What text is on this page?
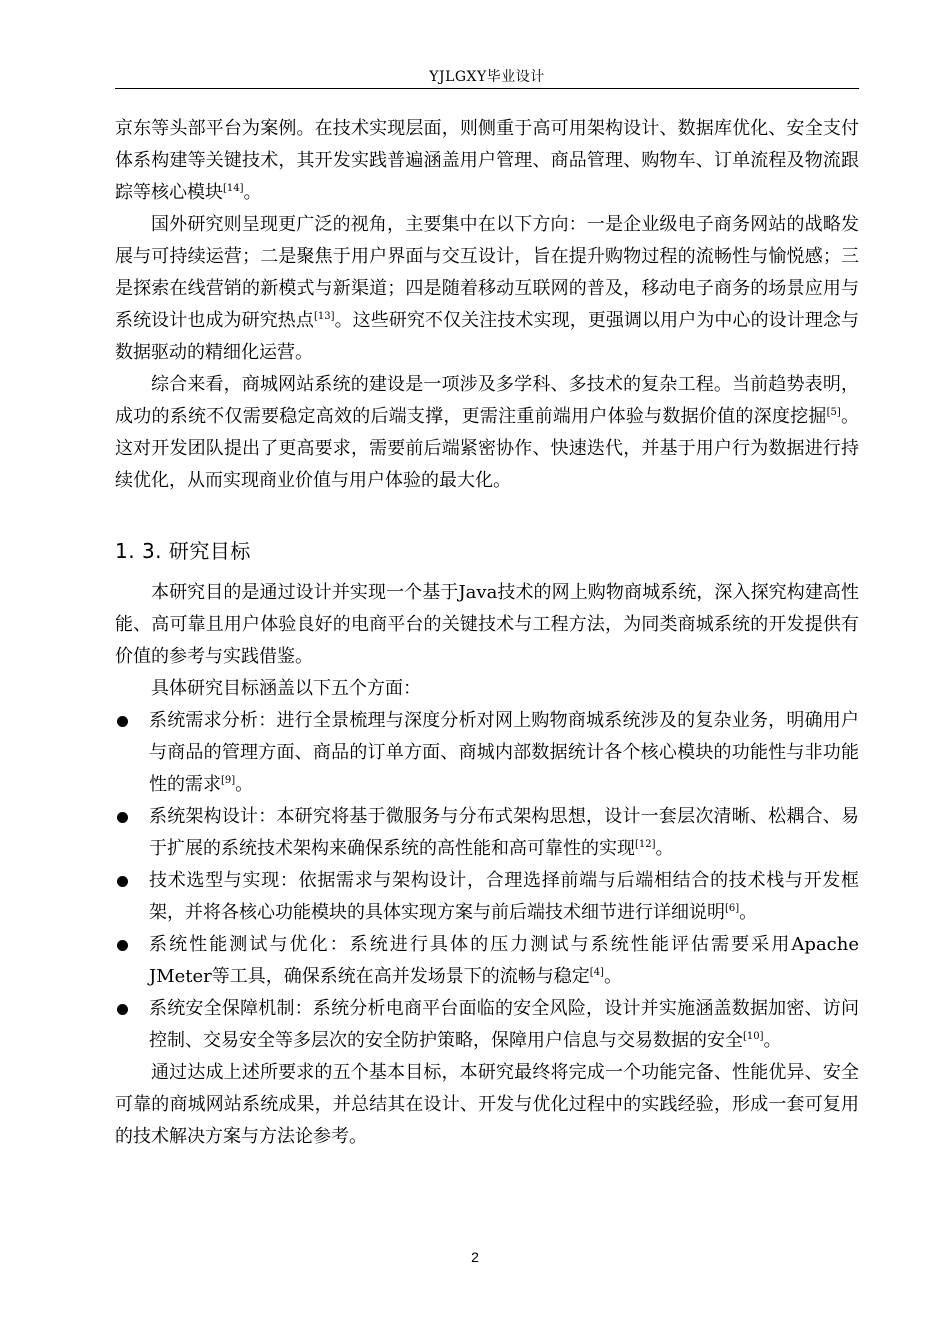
YJLGXY毕业设计

京东等头部平台为案例。在技术实现层面，则侧重于高可用架构设计、数据库优化、安全支付体系构建等关键技术，其开发实践普遍涵盖用户管理、商品管理、购物车、订单流程及物流跟踪等核心模块[14]。

国外研究则呈现更广泛的视角，主要集中在以下方向：一是企业级电子商务网站的战略发展与可持续运营；二是聚焦于用户界面与交互设计，旨在提升购物过程的流畅性与愉悦感；三是探索在线营销的新模式与新渠道；四是随着移动互联网的普及，移动电子商务的场景应用与系统设计也成为研究热点[13]。这些研究不仅关注技术实现，更强调以用户为中心的设计理念与数据驱动的精细化运营。

综合来看，商城网站系统的建设是一项涉及多学科、多技术的复杂工程。当前趋势表明，成功的系统不仅需要稳定高效的后端支撑，更需注重前端用户体验与数据价值的深度挖掘[5]。这对开发团队提出了更高要求，需要前后端紧密协作、快速迭代，并基于用户行为数据进行持续优化，从而实现商业价值与用户体验的最大化。

1. 3. 研究目标

本研究目的是通过设计并实现一个基于Java技术的网上购物商城系统，深入探究构建高性能、高可靠且用户体验良好的电商平台的关键技术与工程方法，为同类商城系统的开发提供有价值的参考与实践借鉴。

具体研究目标涵盖以下五个方面：

系统需求分析：进行全景梳理与深度分析对网上购物商城系统涉及的复杂业务，明确用户与商品的管理方面、商品的订单方面、商城内部数据统计各个核心模块的功能性与非功能性的需求[9]。
系统架构设计：本研究将基于微服务与分布式架构思想，设计一套层次清晰、松耦合、易于扩展的系统技术架构来确保系统的高性能和高可靠性的实现[12]。
技术选型与实现：依据需求与架构设计，合理选择前端与后端相结合的技术栈与开发框架，并将各核心功能模块的具体实现方案与前后端技术细节进行详细说明[6]。
系统性能测试与优化：系统进行具体的压力测试与系统性能评估需要采用Apache JMeter等工具，确保系统在高并发场景下的流畅与稳定[4]。
系统安全保障机制：系统分析电商平台面临的安全风险，设计并实施涵盖数据加密、访问控制、交易安全等多层次的安全防护策略，保障用户信息与交易数据的安全[10]。

通过达成上述所要求的五个基本目标，本研究最终将完成一个功能完备、性能优异、安全可靠的商城网站系统成果，并总结其在设计、开发与优化过程中的实践经验，形成一套可复用的技术解决方案与方法论参考。

2
